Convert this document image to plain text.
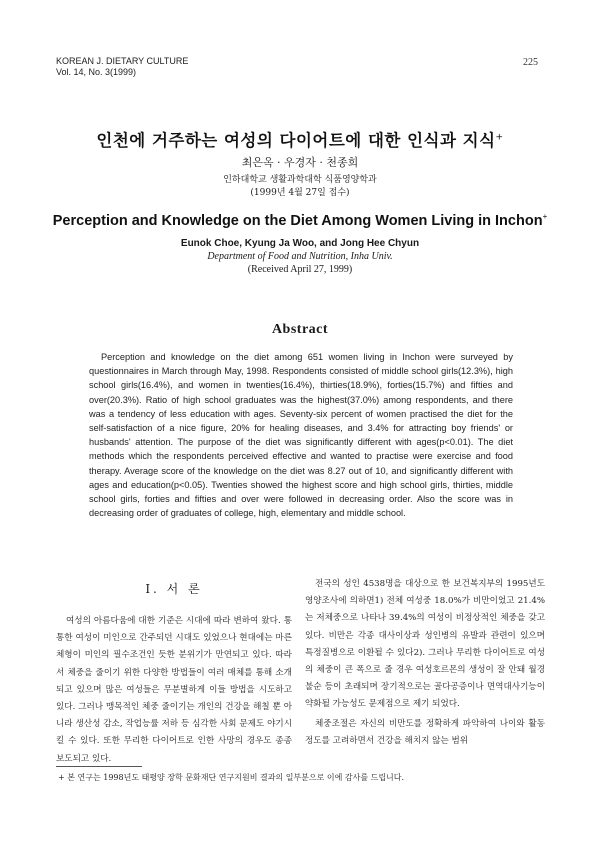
KOREAN J. DIETARY CULTURE
Vol. 14, No. 3(1999)
225
인천에 거주하는 여성의 다이어트에 대한 인식과 지식+
최은옥 · 우경자 · 천종희
인하대학교 생활과학대학 식품영양학과
(1999년 4월 27일 접수)
Perception and Knowledge on the Diet Among Women Living in Inchon+
Eunok Choe, Kyung Ja Woo, and Jong Hee Chyun
Department of Food and Nutrition, Inha Univ.
(Received April 27, 1999)
Abstract

Perception and knowledge on the diet among 651 women living in Inchon were surveyed by questionnaires in March through May, 1998. Respondents consisted of middle school girls(12.3%), high school girls(16.4%), and women in twenties(16.4%), thirties(18.9%), forties(15.7%) and fifties and over(20.3%). Ratio of high school graduates was the highest(37.0%) among respondents, and there was a tendency of less education with ages. Seventy-six percent of women practised the diet for the self-satisfaction of a nice figure, 20% for healing diseases, and 3.4% for attracting boy friends' or husbands' attention. The purpose of the diet was significantly different with ages(p<0.01). The diet methods which the respondents perceived effective and wanted to practise were exercise and food therapy. Average score of the knowledge on the diet was 8.27 out of 10, and significantly different with ages and education(p<0.05). Twenties showed the highest score and high school girls, thirties, middle school girls, forties and fifties and over were followed in decreasing order. Also the score was in decreasing order of graduates of college, high, elementary and middle school.

I. 서 론

여성의 아름다움에 대한 기준은 시대에 따라 변하여 왔다. 통통한 여성이 미인으로 간주되던 시대도 있었으나 현대에는 마른 체형이 미인의 필수조건인 듯한 분위기가 만연되고 있다. 따라서 체중을 줄이기 위한 다양한 방법들이 여러 매체를 통해 소개되고 있으며 많은 여성들은 무분별하게 이들 방법을 시도하고 있다. 그러나 맹목적인 체중 줄이기는 개인의 건강을 해칠 뿐 아니라 생산성 감소, 작업능률 저하 등 심각한 사회 문제도 야기시킬 수 있다. 또한 무리한 다이어트로 인한 사망의 경우도 종종 보도되고 있다.

전국의 성인 4538명을 대상으로 한 보건복지부의 1995년도 영양조사에 의하면1) 전체 여성중 18.0%가 비만이었고 21.4%는 저체중으로 나타나 39.4%의 여성이 비정상적인 체중을 갖고 있다. 비만은 각종 대사이상과 성인병의 유발과 관련이 있으며 특정질병으로 이환될 수 있다2). 그러나 무리한 다이어트로 여성의 체중이 큰 폭으로 줄 경우 여성호르몬의 생성이 잘 안돼 월경불순 등이 초래되며 장기적으로는 골다공증이나 면역대사기능이 약화될 가능성도 문제점으로 제기 되었다.

체중조절은 자신의 비만도를 정확하게 파악하여 나이와 활동정도를 고려하면서 건강을 해치지 않는 범위

+ 본 연구는 1998년도 태평양 장학 문화재단 연구지원비 결과의 일부분으로 이에 감사를 드립니다.
